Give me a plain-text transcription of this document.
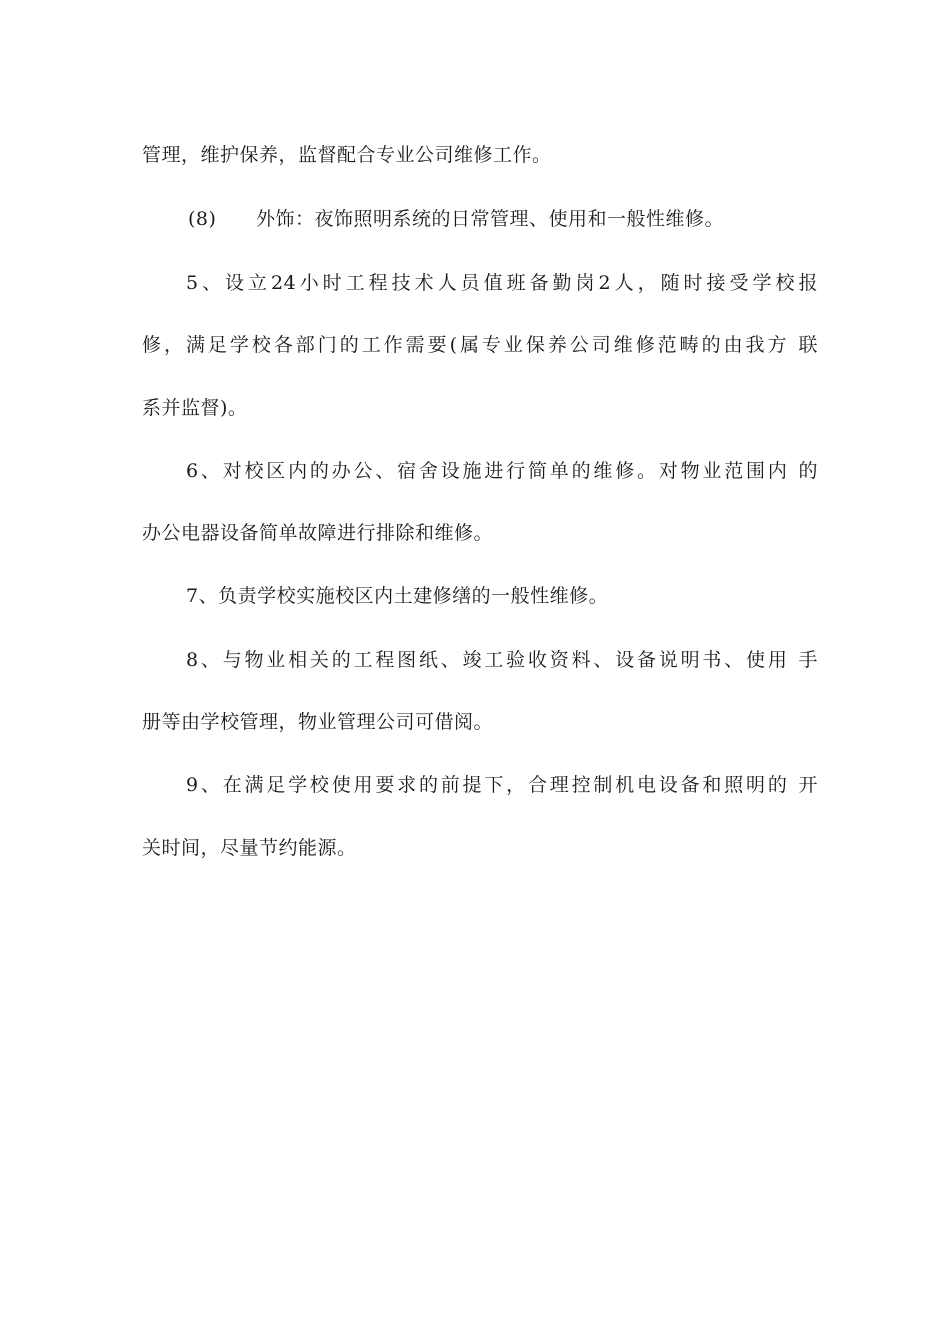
管理，维护保养，监督配合专业公司维修工作。
(8) 外饰：夜饰照明系统的日常管理、使用和一般性维修。
5、设立24小时工程技术人员值班备勤岗2人，随时接受学校报
修，满足学校各部门的工作需要(属专业保养公司维修范畴的由我方 联
系并监督)。
6、对校区内的办公、宿舍设施进行简单的维修。对物业范围内 的
办公电器设备简单故障进行排除和维修。
7、负责学校实施校区内土建修缮的一般性维修。
8、与物业相关的工程图纸、竣工验收资料、设备说明书、使用 手
册等由学校管理，物业管理公司可借阅。
9、在满足学校使用要求的前提下，合理控制机电设备和照明的 开
关时间，尽量节约能源。
